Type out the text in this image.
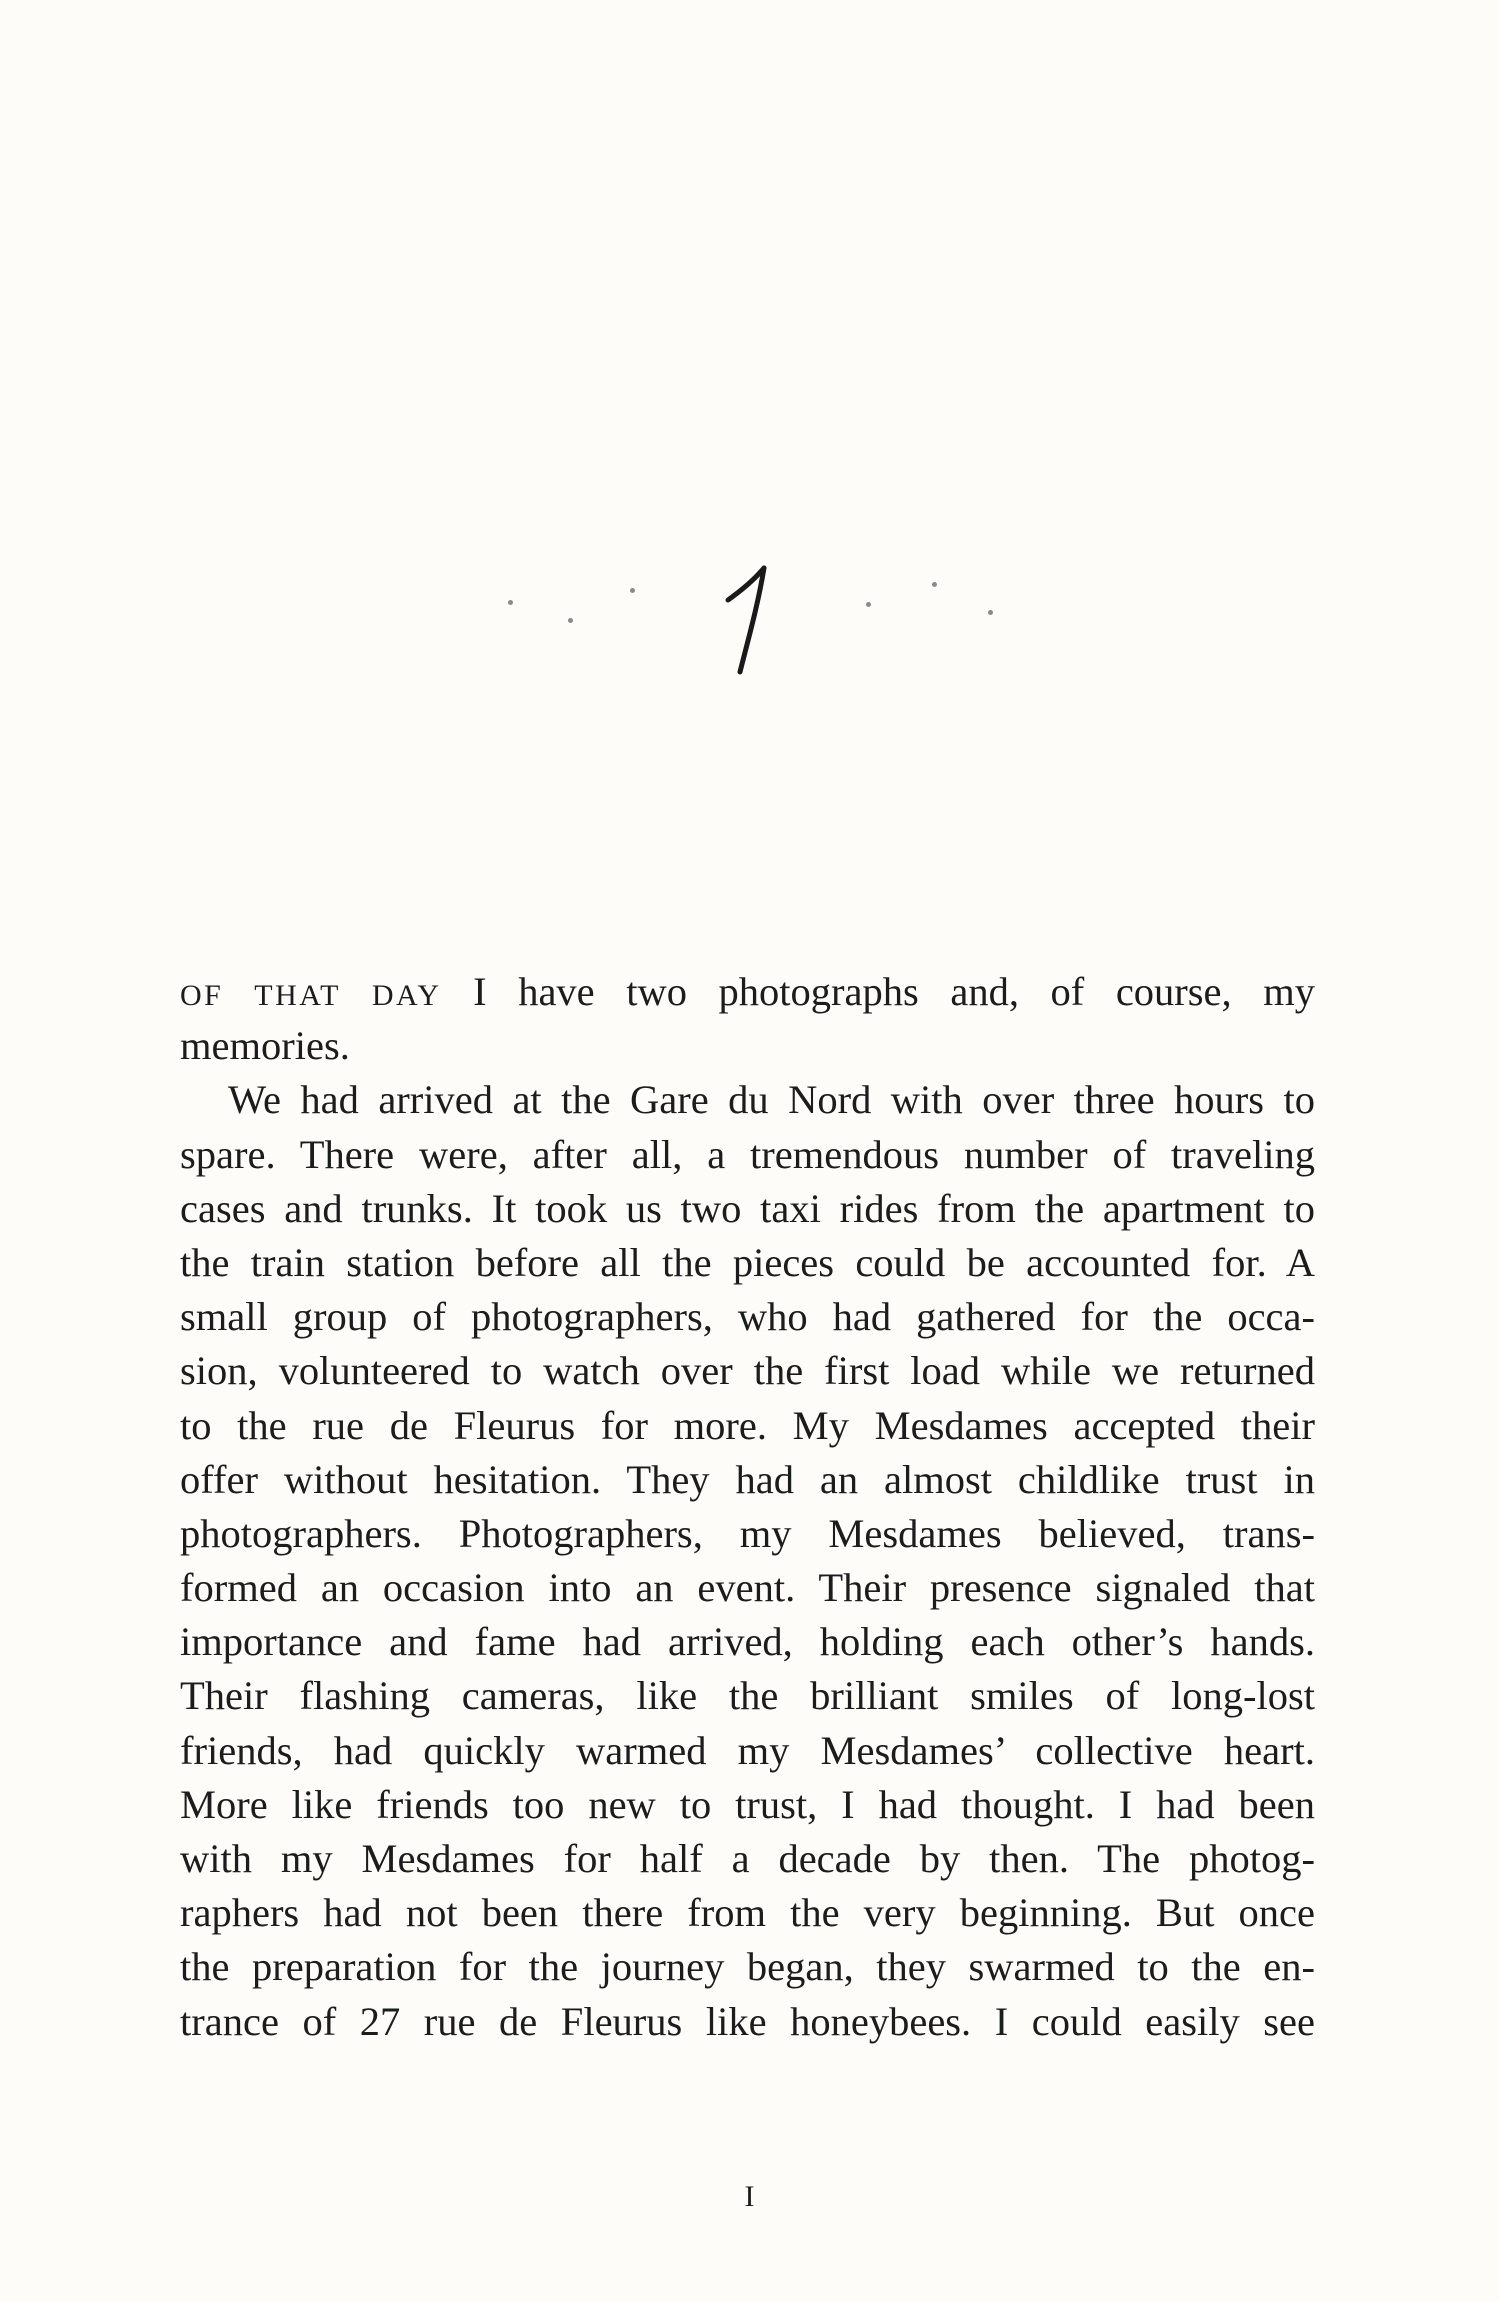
OF THAT DAY I have two photographs and, of course, my
memories.
We had arrived at the Gare du Nord with over three hours to
spare. There were, after all, a tremendous number of traveling
cases and trunks. It took us two taxi rides from the apartment to
the train station before all the pieces could be accounted for. A
small group of photographers, who had gathered for the occa-
sion, volunteered to watch over the first load while we returned
to the rue de Fleurus for more. My Mesdames accepted their
offer without hesitation. They had an almost childlike trust in
photographers. Photographers, my Mesdames believed, trans-
formed an occasion into an event. Their presence signaled that
importance and fame had arrived, holding each other’s hands.
Their flashing cameras, like the brilliant smiles of long-lost
friends, had quickly warmed my Mesdames’ collective heart.
More like friends too new to trust, I had thought. I had been
with my Mesdames for half a decade by then. The photog-
raphers had not been there from the very beginning. But once
the preparation for the journey began, they swarmed to the en-
trance of 27 rue de Fleurus like honeybees. I could easily see
I
